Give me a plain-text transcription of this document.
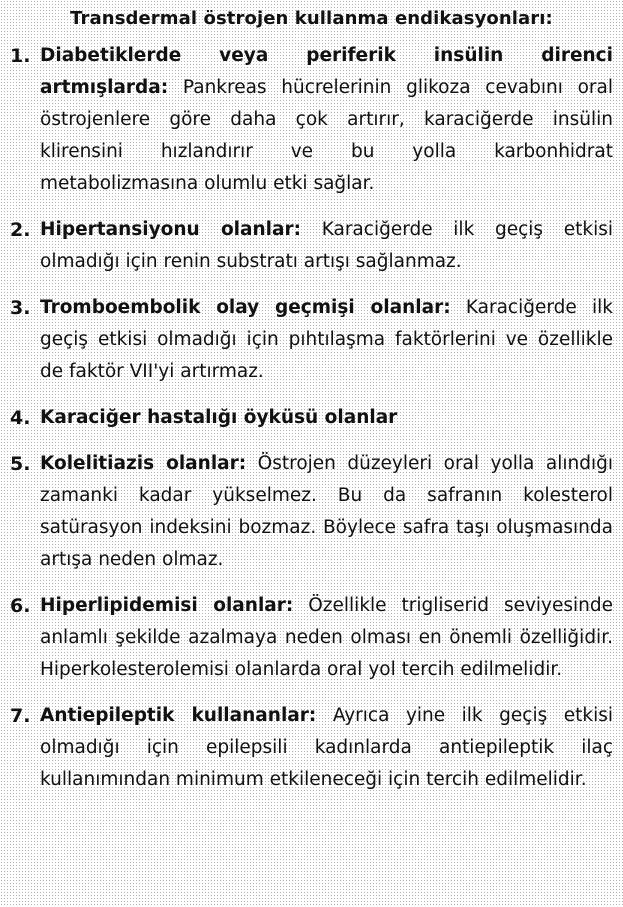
Transdermal östrojen kullanma endikasyonları:
1. Diabetiklerde veya periferik insülin direnci artmışlarda: Pankreas hücrelerinin glikoza cevabını oral östrojenlere göre daha çok artırır, karaciğerde insülin klirensini hızlandırır ve bu yolla karbonhidrat metabolizmasına olumlu etki sağlar.
2. Hipertansiyonu olanlar: Karaciğerde ilk geçiş etkisi olmadığı için renin substratı artışı sağlanmaz.
3. Tromboembolik olay geçmişi olanlar: Karaciğerde ilk geçiş etkisi olmadığı için pıhtılaşma faktörlerini ve özellikle de faktör VII'yi artırmaz.
4. Karaciğer hastalığı öyküsü olanlar
5. Kolelitiazis olanlar: Östrojen düzeyleri oral yolla alındığı zamanki kadar yükselmez. Bu da safranın kolesterol satürasyon indeksini bozmaz. Böylece safra taşı oluşmasında artışa neden olmaz.
6. Hiperlipidemisi olanlar: Özellikle trigliserid seviyesinde anlamlı şekilde azalmaya neden olması en önemli özelliğidir. Hiperkolesterolemisi olanlarda oral yol tercih edilmelidir.
7. Antiepileptik kullananlar: Ayrıca yine ilk geçiş etkisi olmadığı için epilepsili kadınlarda antiepileptik ilaç kullanımından minimum etkileneceği için tercih edilmelidir.
